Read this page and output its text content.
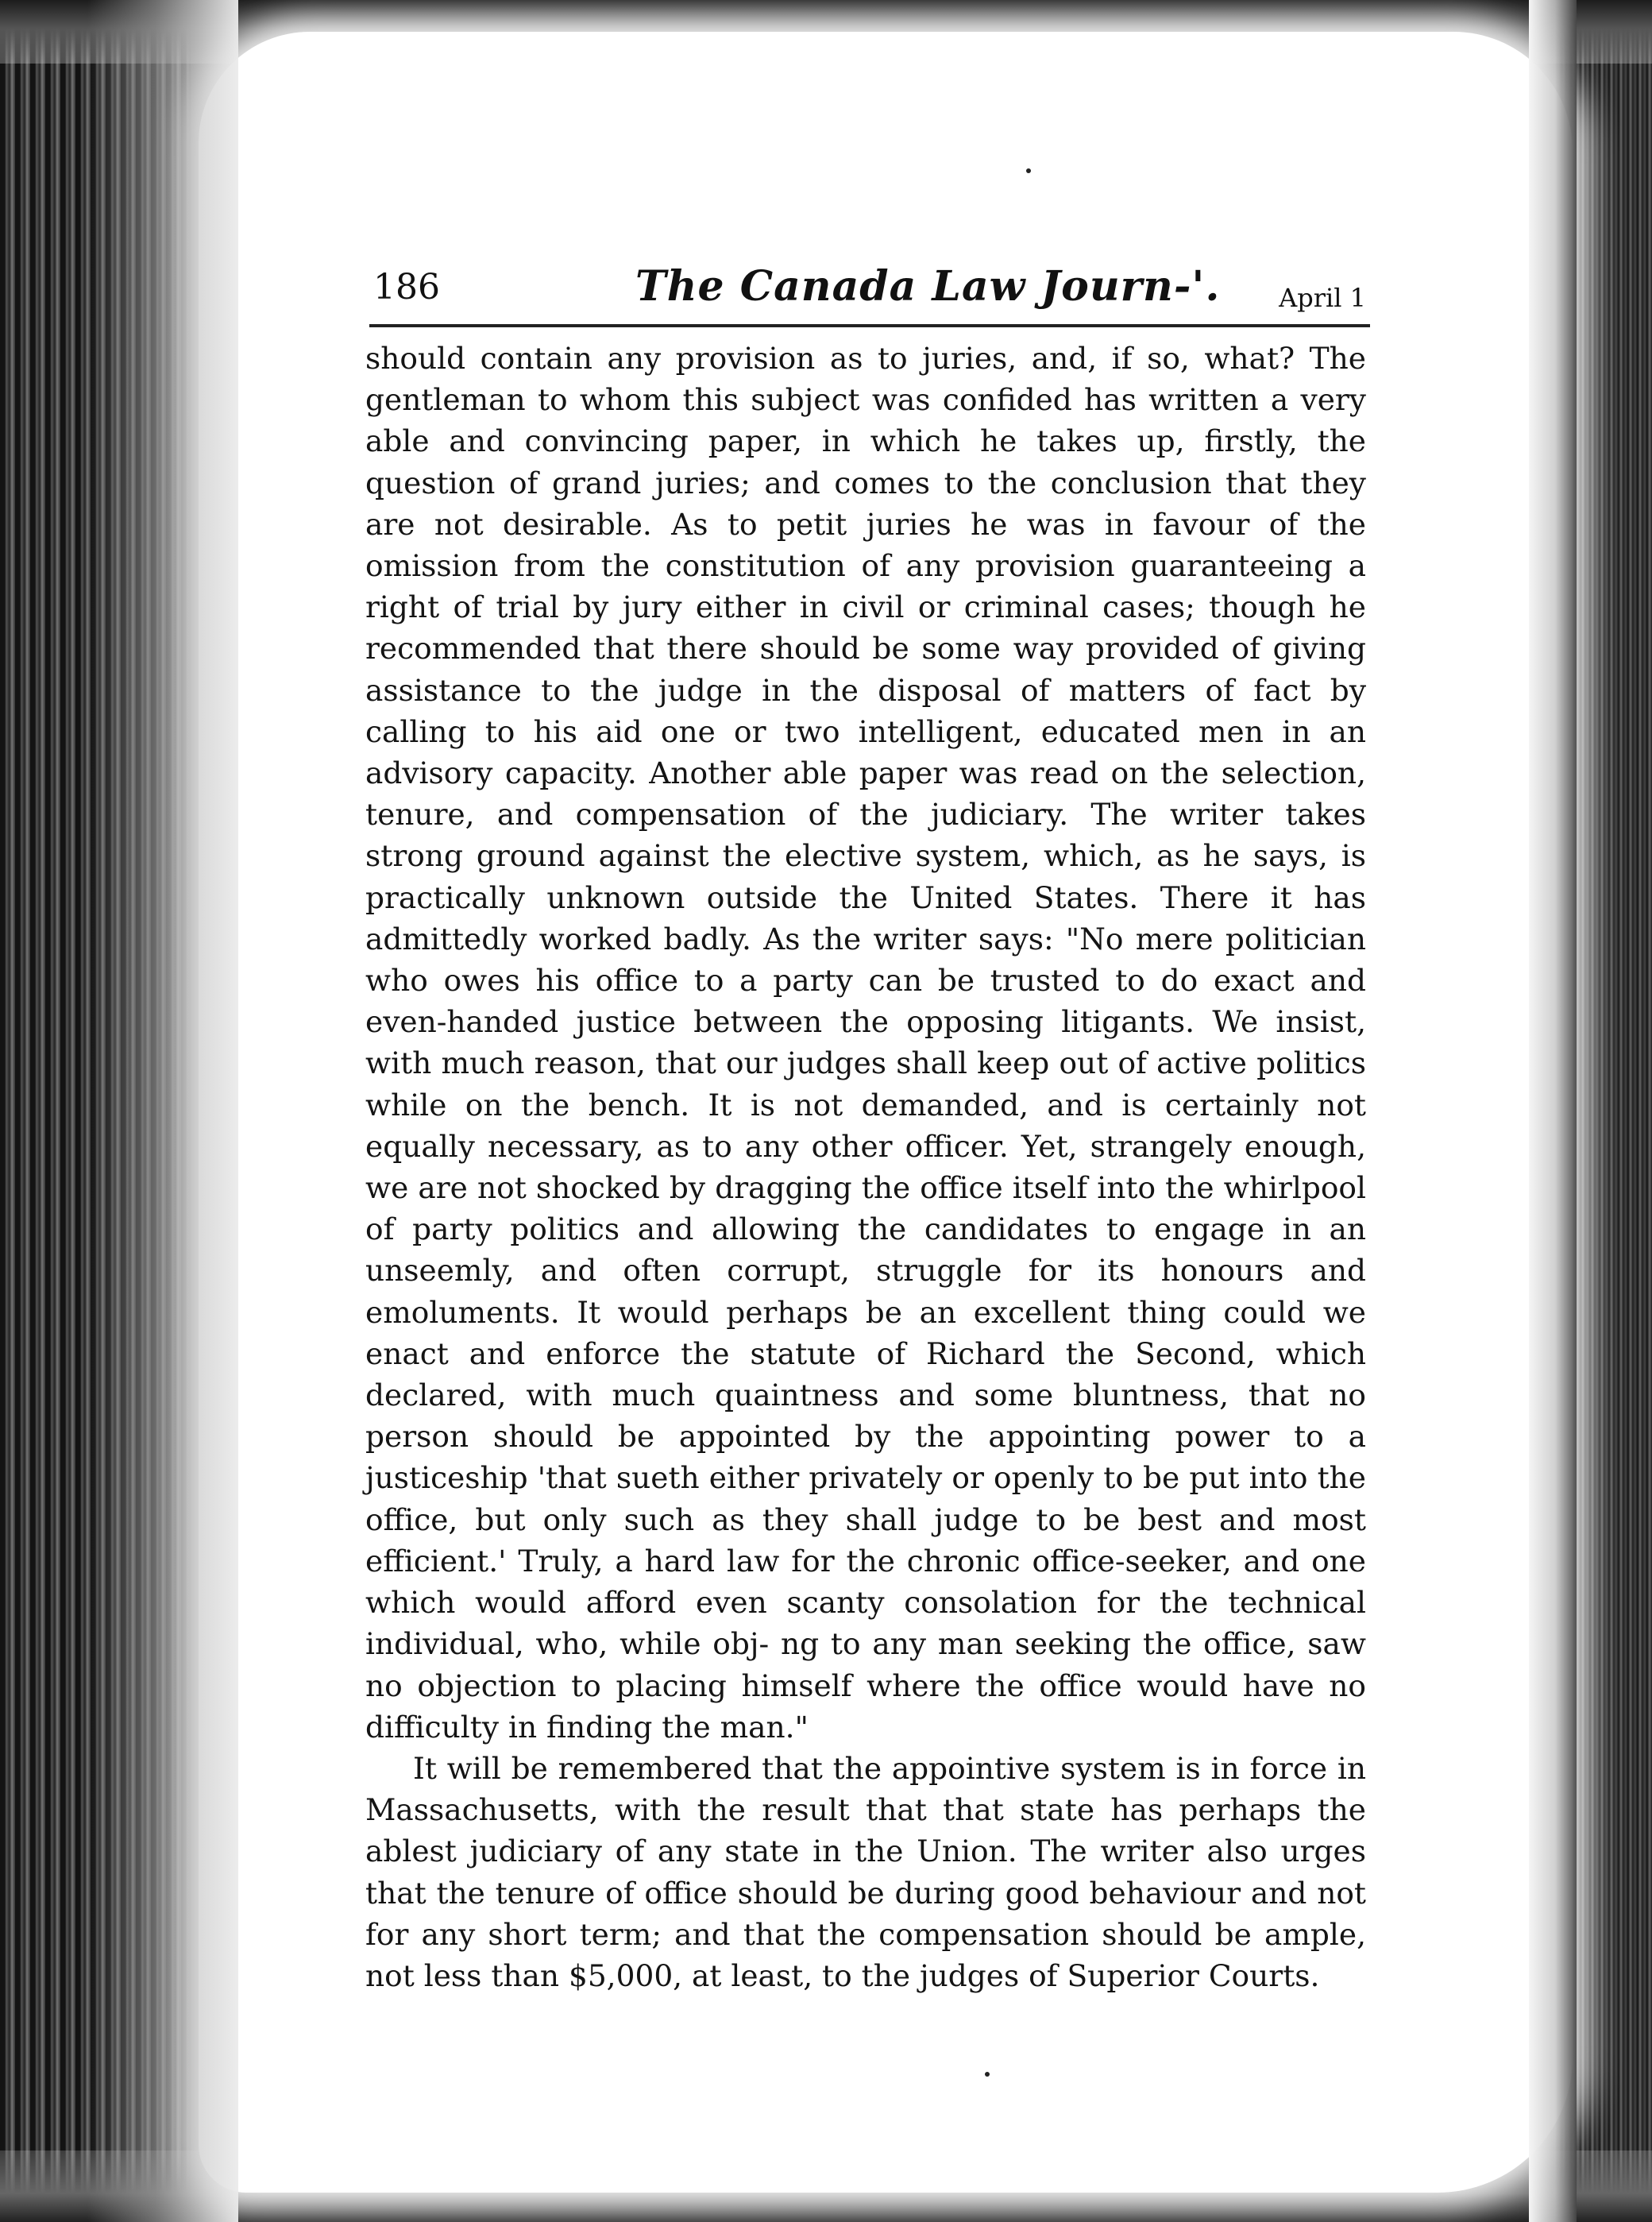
186	The Canada Law Journ-'. April 1

should contain any provision as to juries, and, if so, what? The gentleman to whom this subject was confided has written a very able and convincing paper, in which he takes up, firstly, the question of grand juries; and comes to the conclusion that they are not desirable. As to petit juries he was in favour of the omission from the constitution of any provision guaranteeing a right of trial by jury either in civil or criminal cases; though he recommended that there should be some way provided of giving assistance to the judge in the disposal of matters of fact by calling to his aid one or two intelligent, educated men in an advisory capacity. Another able paper was read on the selection, tenure, and compensation of the judiciary. The writer takes strong ground against the elective system, which, as he says, is practically unknown outside the United States. There it has admittedly worked badly. As the writer says: "No mere politician who owes his office to a party can be trusted to do exact and even-handed justice between the opposing litigants. We insist, with much reason, that our judges shall keep out of active politics while on the bench. It is not demanded, and is certainly not equally necessary, as to any other officer. Yet, strangely enough, we are not shocked by dragging the office itself into the whirlpool of party politics and allowing the candidates to engage in an unseemly, and often corrupt, struggle for its honours and emoluments. It would perhaps be an excellent thing could we enact and enforce the statute of Richard the Second, which declared, with much quaintness and some bluntness, that no person should be appointed by the appointing power to a justiceship 'that sueth either privately or openly to be put into the office, but only such as they shall judge to be best and most efficient.' Truly, a hard law for the chronic office-seeker, and one which would afford even scanty consolation for the technical individual, who, while obj- ng to any man seeking the office, saw no objection to placing himself where the office would have no difficulty in finding the man."

It will be remembered that the appointive system is in force in Massachusetts, with the result that that state has perhaps the ablest judiciary of any state in the Union. The writer also urges that the tenure of office should be during good behaviour and not for any short term; and that the compensation should be ample, not less than $5,000, at least, to the judges of Superior Courts.
